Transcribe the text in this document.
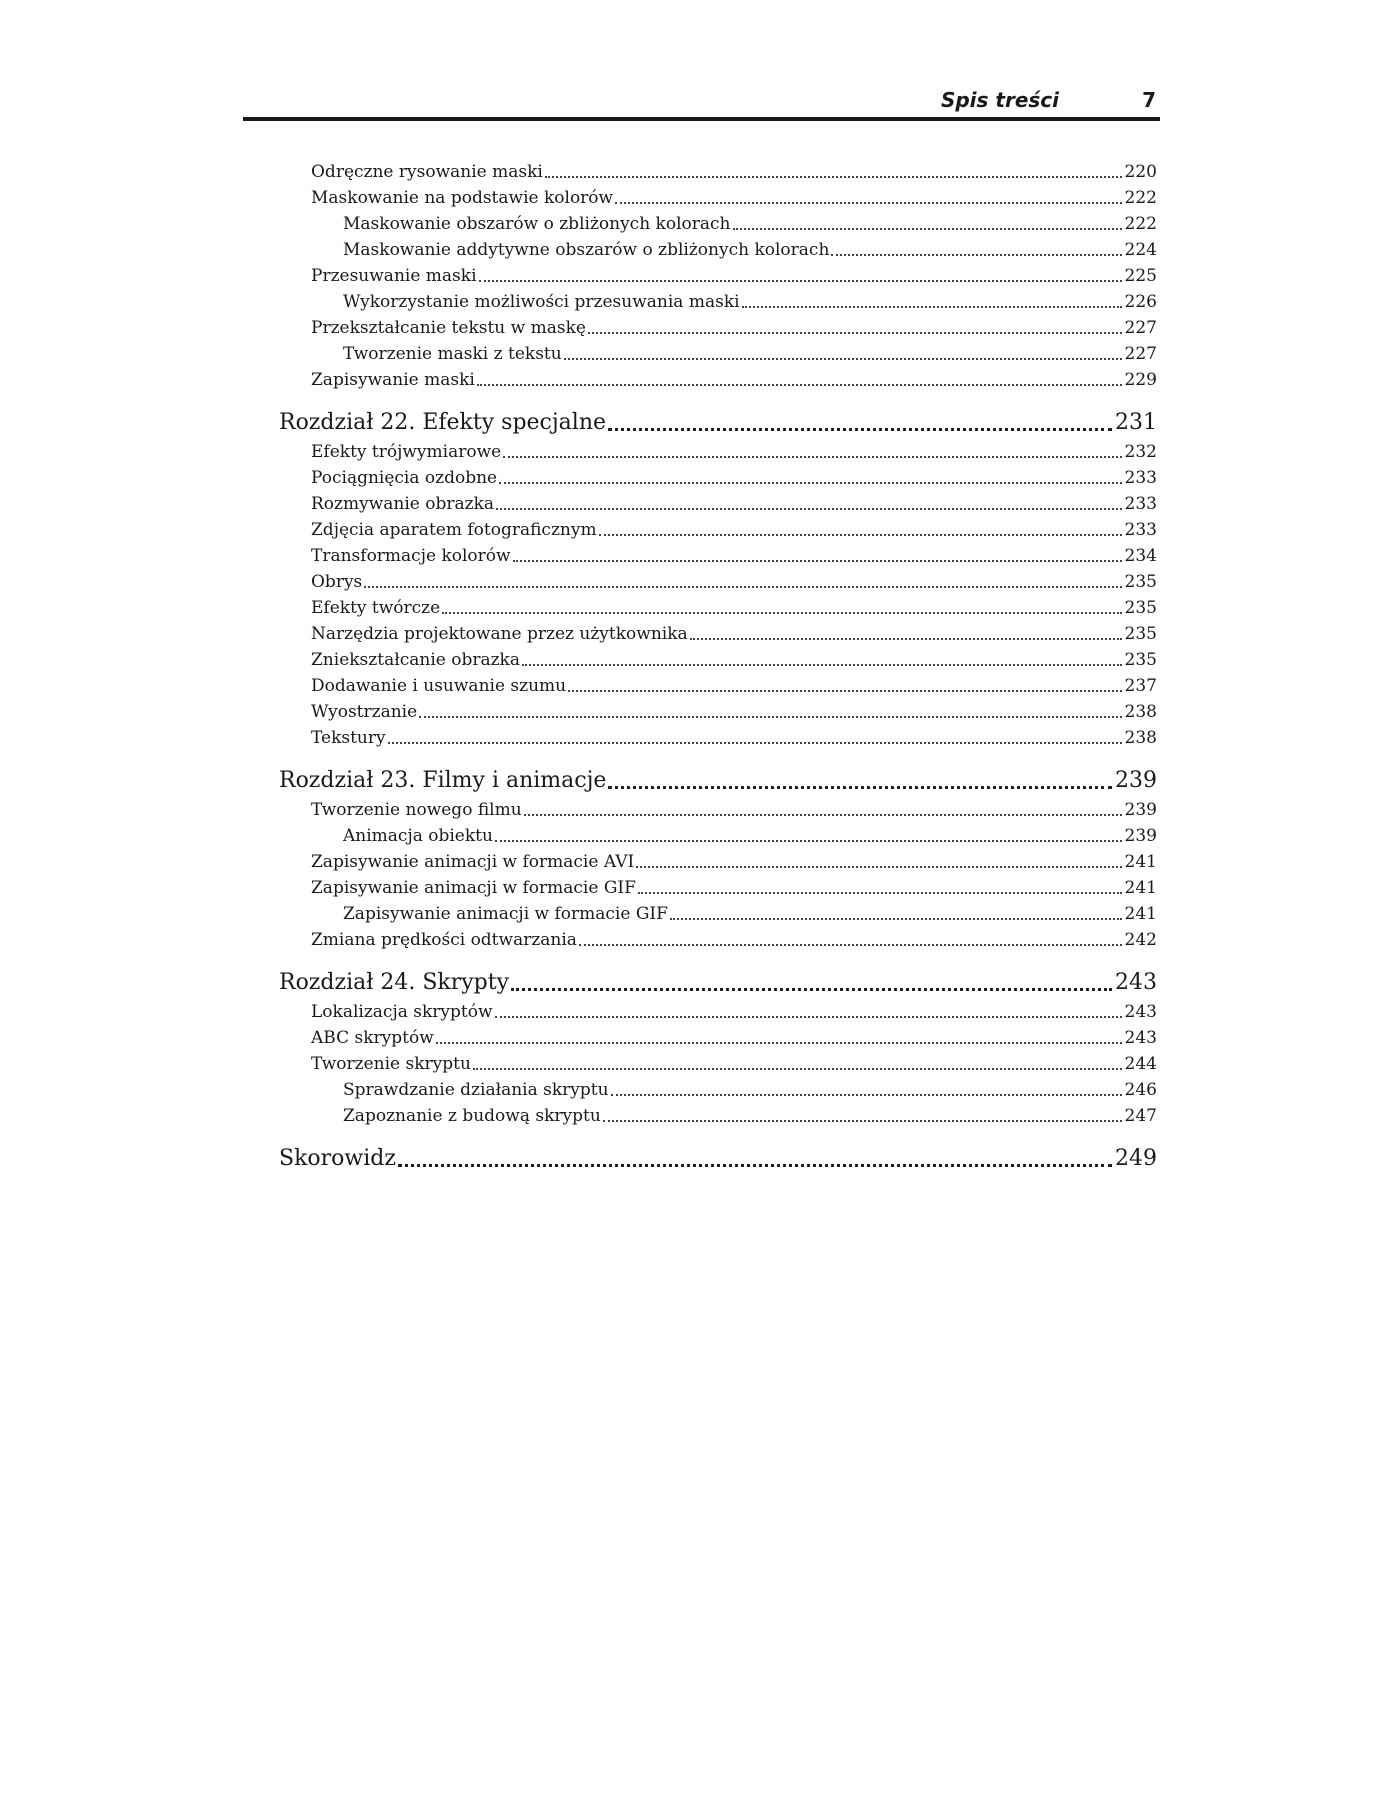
Spis treści	7
Odręczne rysowanie maski	220
Maskowanie na podstawie kolorów	222
Maskowanie obszarów o zbliżonych kolorach	222
Maskowanie addytywne obszarów o zbliżonych kolorach	224
Przesuwanie maski	225
Wykorzystanie możliwości przesuwania maski	226
Przekształcanie tekstu w maskę	227
Tworzenie maski z tekstu	227
Zapisywanie maski	229
Rozdział 22. Efekty specjalne	231
Efekty trójwymiarowe	232
Pociągnięcia ozdobne	233
Rozmywanie obrazka	233
Zdjęcia aparatem fotograficznym	233
Transformacje kolorów	234
Obrys	235
Efekty twórcze	235
Narzędzia projektowane przez użytkownika	235
Zniekształcanie obrazka	235
Dodawanie i usuwanie szumu	237
Wyostrzanie	238
Tekstury	238
Rozdział 23. Filmy i animacje	239
Tworzenie nowego filmu	239
Animacja obiektu	239
Zapisywanie animacji w formacie AVI	241
Zapisywanie animacji w formacie GIF	241
Zapisywanie animacji w formacie GIF	241
Zmiana prędkości odtwarzania	242
Rozdział 24. Skrypty	243
Lokalizacja skryptów	243
ABC skryptów	243
Tworzenie skryptu	244
Sprawdzanie działania skryptu	246
Zapoznanie z budową skryptu	247
Skorowidz	249
